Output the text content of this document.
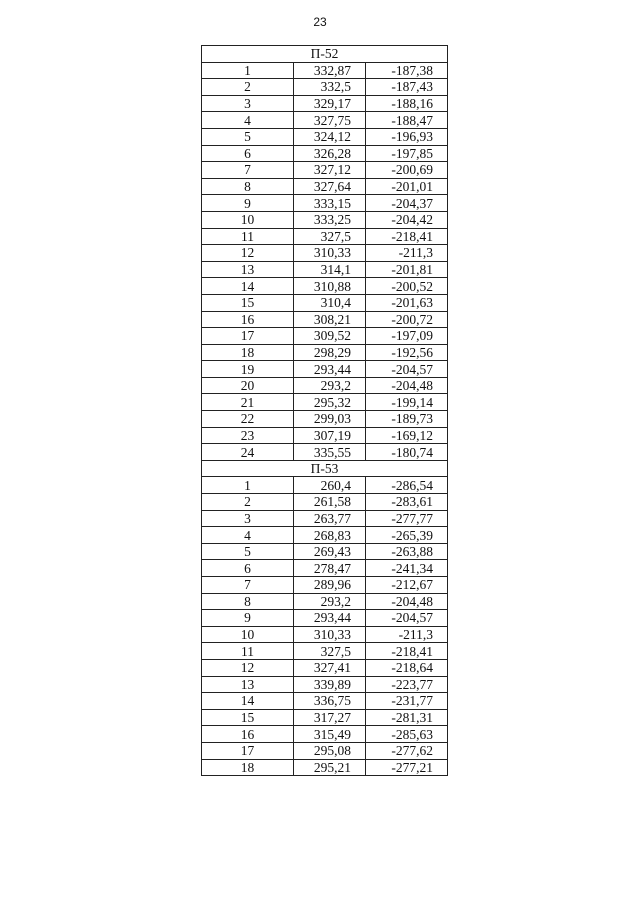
23
П-52		
1	332,87	-187,38
2	332,5	-187,43
3	329,17	-188,16
4	327,75	-188,47
5	324,12	-196,93
6	326,28	-197,85
7	327,12	-200,69
8	327,64	-201,01
9	333,15	-204,37
10	333,25	-204,42
11	327,5	-218,41
12	310,33	-211,3
13	314,1	-201,81
14	310,88	-200,52
15	310,4	-201,63
16	308,21	-200,72
17	309,52	-197,09
18	298,29	-192,56
19	293,44	-204,57
20	293,2	-204,48
21	295,32	-199,14
22	299,03	-189,73
23	307,19	-169,12
24	335,55	-180,74
П-53		
1	260,4	-286,54
2	261,58	-283,61
3	263,77	-277,77
4	268,83	-265,39
5	269,43	-263,88
6	278,47	-241,34
7	289,96	-212,67
8	293,2	-204,48
9	293,44	-204,57
10	310,33	-211,3
11	327,5	-218,41
12	327,41	-218,64
13	339,89	-223,77
14	336,75	-231,77
15	317,27	-281,31
16	315,49	-285,63
17	295,08	-277,62
18	295,21	-277,21
